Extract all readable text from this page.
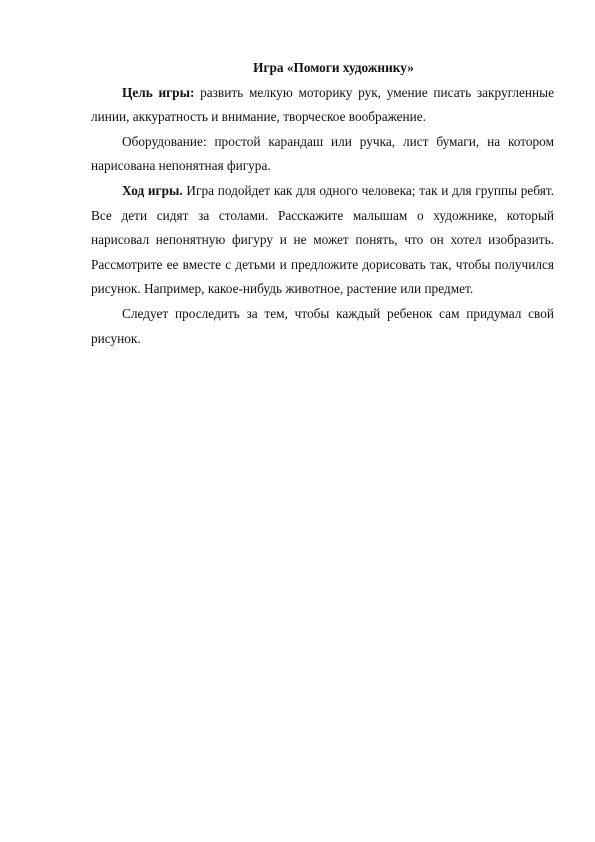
Игра «Помоги художнику»

Цель игры: развить мелкую моторику рук, умение писать закругленные линии, аккуратность и внимание, творческое воображение.

Оборудование: простой карандаш или ручка, лист бумаги, на котором нарисована непонятная фигура.

Ход игры. Игра подойдет как для одного человека; так и для группы ребят. Все дети сидят за столами. Расскажите малышам о художнике, который нарисовал непонятную фигуру и не может понять, что он хотел изобразить. Рассмотрите ее вместе с детьми и предложите дорисовать так, чтобы получился рисунок. Например, какое-нибудь животное, растение или предмет.

Следует проследить за тем, чтобы каждый ребенок сам придумал свой рисунок.
